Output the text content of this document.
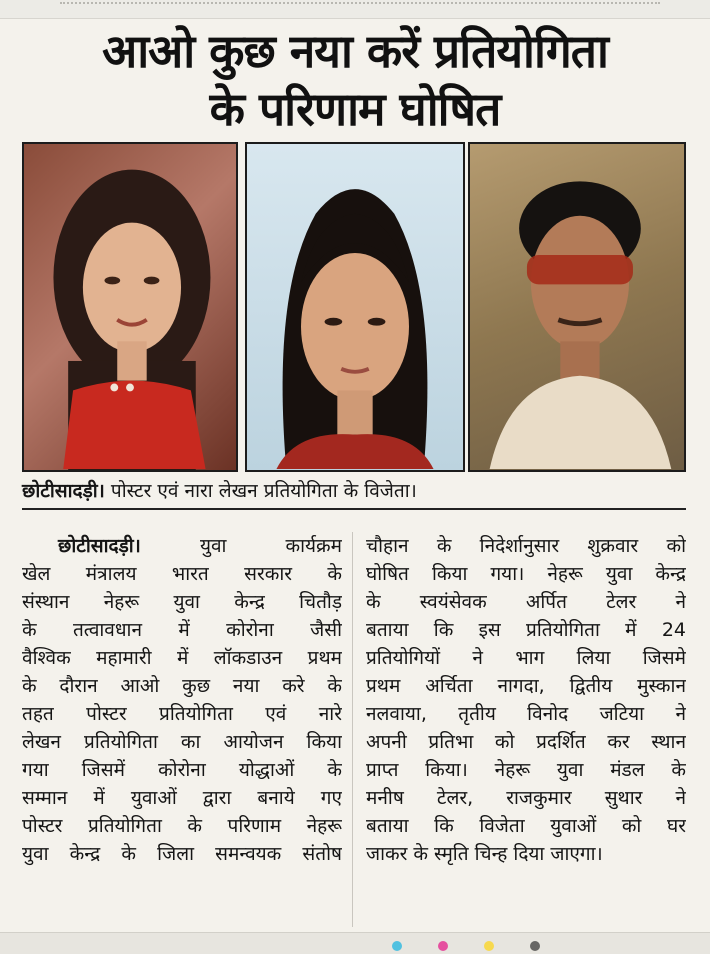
आओ कुछ नया करें प्रतियोगिता
के परिणाम घोषित
छोटीसादड़ी। पोस्टर एवं नारा लेखन प्रतियोगिता के विजेता।
छोटीसादड़ी। युवा कार्यक्रम
खेल मंत्रालय भारत सरकार के
संस्थान नेहरू युवा केन्द्र चितौड़
के तत्वावधान में कोरोना जैसी
वैश्विक महामारी में लॉकडाउन प्रथम
के दौरान आओ कुछ नया करे के
तहत पोस्टर प्रतियोगिता एवं नारे
लेखन प्रतियोगिता का आयोजन किया
गया जिसमें कोरोना योद्धाओं के
सम्मान में युवाओं द्वारा बनाये गए
पोस्टर प्रतियोगिता के परिणाम नेहरू
युवा केन्द्र के जिला समन्वयक संतोष
चौहान के निदेर्शानुसार शुक्रवार को
घोषित किया गया। नेहरू युवा केन्द्र
के स्वयंसेवक अर्पित टेलर ने
बताया कि इस प्रतियोगिता में 24
प्रतियोगियों ने भाग लिया जिसमे
प्रथम अर्चिता नागदा, द्वितीय मुस्कान
नलवाया, तृतीय विनोद जटिया ने
अपनी प्रतिभा को प्रदर्शित कर स्थान
प्राप्त किया। नेहरू युवा मंडल के
मनीष टेलर, राजकुमार सुथार ने
बताया कि विजेता युवाओं को घर
जाकर के स्मृति चिन्ह दिया जाएगा।
